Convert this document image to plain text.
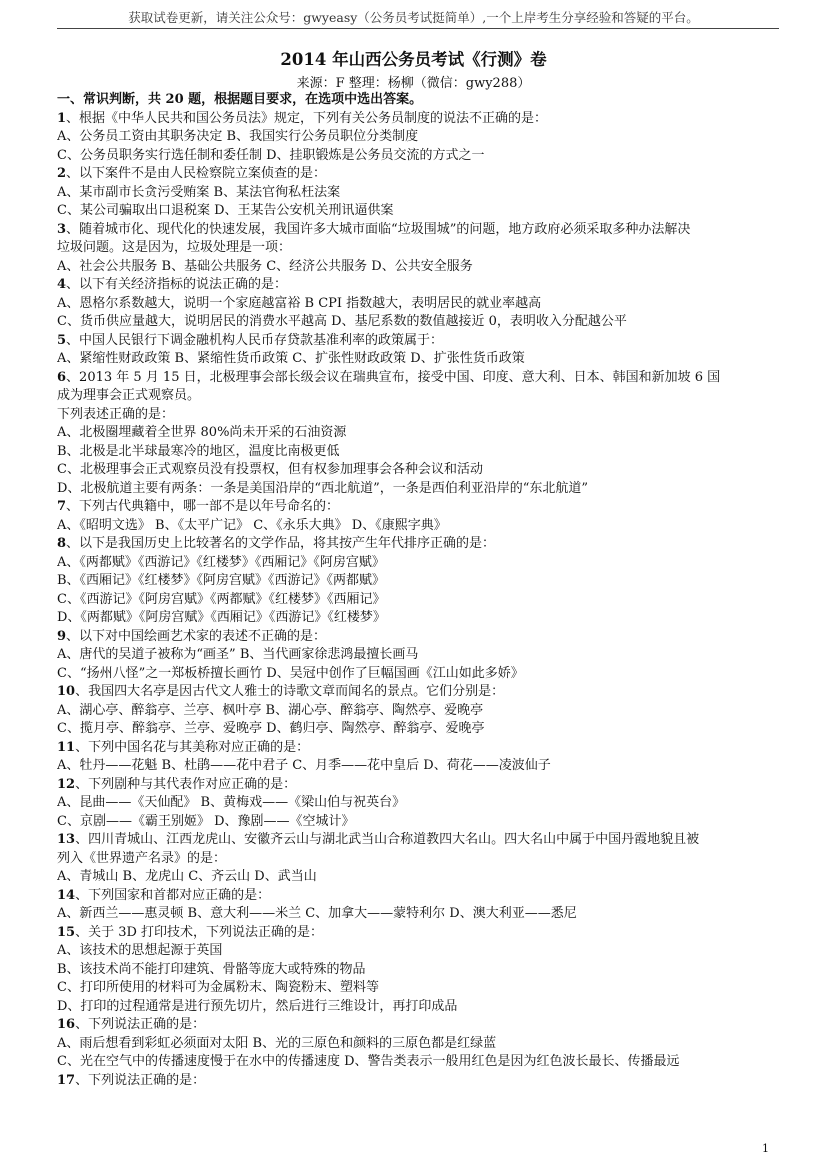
获取试卷更新，请关注公众号：gwyeasy（公务员考试挺简单）,一个上岸考生分享经验和答疑的平台。
2014 年山西公务员考试《行测》卷
来源：F 整理：杨柳（微信：gwy288）
一、常识判断，共 20 题，根据题目要求，在选项中选出答案。
1、根据《中华人民共和国公务员法》规定，下列有关公务员制度的说法不正确的是：
A、公务员工资由其职务决定 B、我国实行公务员职位分类制度
C、公务员职务实行选任制和委任制 D、挂职锻炼是公务员交流的方式之一
2、以下案件不是由人民检察院立案侦查的是：
A、某市副市长贪污受贿案 B、某法官徇私枉法案
C、某公司骗取出口退税案 D、王某告公安机关刑讯逼供案
3、随着城市化、现代化的快速发展，我国许多大城市面临“垃圾围城”的问题，地方政府必须采取多种办法解决
垃圾问题。这是因为，垃圾处理是一项：
A、社会公共服务 B、基础公共服务 C、经济公共服务 D、公共安全服务
4、以下有关经济指标的说法正确的是：
A、恩格尔系数越大，说明一个家庭越富裕 B CPI 指数越大，表明居民的就业率越高
C、货币供应量越大，说明居民的消费水平越高 D、基尼系数的数值越接近 0，表明收入分配越公平
5、中国人民银行下调金融机构人民币存贷款基准利率的政策属于：
A、紧缩性财政政策 B、紧缩性货币政策 C、扩张性财政政策 D、扩张性货币政策
6、2013 年 5 月 15 日，北极理事会部长级会议在瑞典宣布，接受中国、印度、意大利、日本、韩国和新加坡 6 国
成为理事会正式观察员。
下列表述正确的是：
A、北极圈埋藏着全世界 80%尚未开采的石油资源
B、北极是北半球最寒冷的地区，温度比南极更低
C、北极理事会正式观察员没有投票权，但有权参加理事会各种会议和活动
D、北极航道主要有两条：一条是美国沿岸的“西北航道”，一条是西伯利亚沿岸的“东北航道”
7、下列古代典籍中，哪一部不是以年号命名的：
A、《昭明文选》 B、《太平广记》 C、《永乐大典》 D、《康熙字典》
8、以下是我国历史上比较著名的文学作品，将其按产生年代排序正确的是：
A、《两都赋》《西游记》《红楼梦》《西厢记》《阿房宫赋》
B、《西厢记》《红楼梦》《阿房宫赋》《西游记》《两都赋》
C、《西游记》《阿房宫赋》《两都赋》《红楼梦》《西厢记》
D、《两都赋》《阿房宫赋》《西厢记》《西游记》《红楼梦》
9、以下对中国绘画艺术家的表述不正确的是：
A、唐代的吴道子被称为“画圣” B、当代画家徐悲鸿最擅长画马
C、“扬州八怪”之一郑板桥擅长画竹 D、吴冠中创作了巨幅国画《江山如此多娇》
10、我国四大名亭是因古代文人雅士的诗歌文章而闻名的景点。它们分别是：
A、湖心亭、醉翁亭、兰亭、枫叶亭 B、湖心亭、醉翁亭、陶然亭、爱晚亭
C、揽月亭、醉翁亭、兰亭、爱晚亭 D、鹤归亭、陶然亭、醉翁亭、爱晚亭
11、下列中国名花与其美称对应正确的是：
A、牡丹——花魁 B、杜鹃——花中君子 C、月季——花中皇后 D、荷花——凌波仙子
12、下列剧种与其代表作对应正确的是：
A、昆曲——《天仙配》 B、黄梅戏——《梁山伯与祝英台》
C、京剧——《霸王别姬》 D、豫剧——《空城计》
13、四川青城山、江西龙虎山、安徽齐云山与湖北武当山合称道教四大名山。四大名山中属于中国丹霞地貌且被
列入《世界遗产名录》的是：
A、青城山 B、龙虎山 C、齐云山 D、武当山
14、下列国家和首都对应正确的是：
A、新西兰——惠灵顿 B、意大利——米兰 C、加拿大——蒙特利尔 D、澳大利亚——悉尼
15、关于 3D 打印技术，下列说法正确的是：
A、该技术的思想起源于英国
B、该技术尚不能打印建筑、骨骼等庞大或特殊的物品
C、打印所使用的材料可为金属粉末、陶瓷粉末、塑料等
D、打印的过程通常是进行预先切片，然后进行三维设计，再打印成品
16、下列说法正确的是：
A、雨后想看到彩虹必须面对太阳 B、光的三原色和颜料的三原色都是红绿蓝
C、光在空气中的传播速度慢于在水中的传播速度 D、警告类表示一般用红色是因为红色波长最长、传播最远
17、下列说法正确的是：
1
